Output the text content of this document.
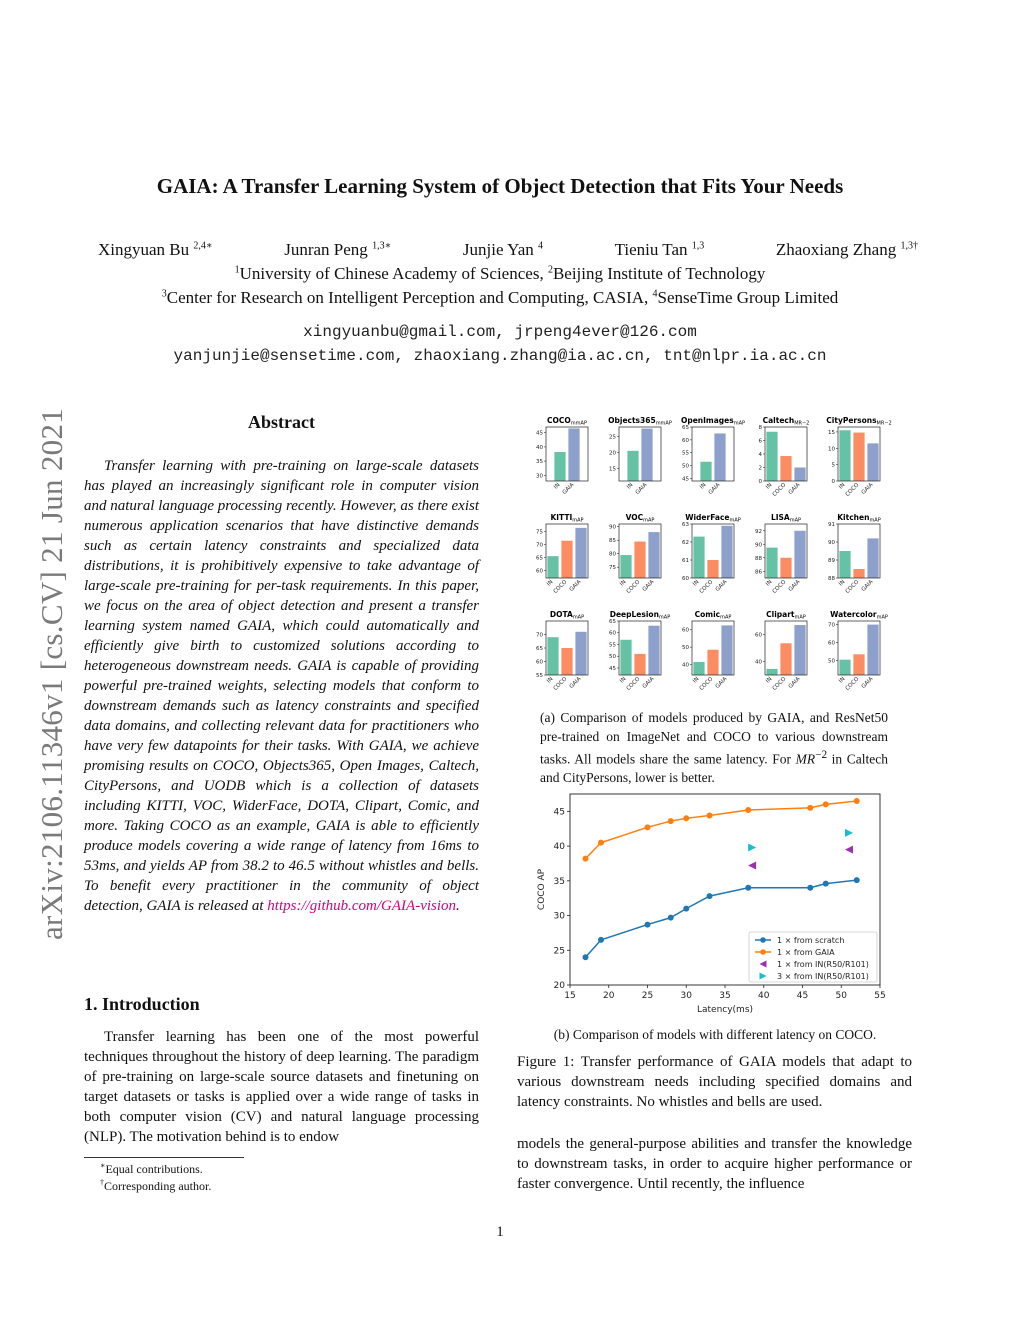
GAIA: A Transfer Learning System of Object Detection that Fits Your Needs
Xingyuan Bu $^{2,4∗}$	Junran Peng $^{1,3∗}$	Junjie Yan $^4$	Tieniu Tan $^{1,3}$	Zhaoxiang Zhang $^{1,3\dagger}$
$^1$University of Chinese Academy of Sciences, $^2$Beijing Institute of Technology
$^3$Center for Research on Intelligent Perception and Computing, CASIA, $^4$SenseTime Group Limited
xingyuanbu@gmail.com, jrpeng4ever@126.com
yanjunjie@sensetime.com, zhaoxiang.zhang@ia.ac.cn, tnt@nlpr.ia.ac.cn
arXiv:2106.11346v1 [cs.CV] 21 Jun 2021	Abstract

Transfer learning with pre-training on large-scale datasets has played an increasingly significant role in computer vision and natural language processing recently. However, as there exist numerous application scenarios that have distinctive demands such as certain latency constraints and specialized data distributions, it is prohibitively expensive to take advantage of large-scale pre-training for per-task requirements. In this paper, we focus on the area of object detection and present a transfer learning system named GAIA, which could automatically and efficiently give birth to customized solutions according to heterogeneous downstream needs. GAIA is capable of providing powerful pre-trained weights, selecting models that conform to downstream demands such as latency constraints and specified data domains, and collecting relevant data for practitioners who have very few datapoints for their tasks. With GAIA, we achieve promising results on COCO, Objects365, Open Images, Caltech, CityPersons, and UODB which is a collection of datasets including KITTI, VOC, WiderFace, DOTA, Clipart, Comic, and more. Taking COCO as an example, GAIA is able to efficiently produce models covering a wide range of latency from 16ms to 53ms, and yields AP from 38.2 to 46.5 without whistles and bells. To benefit every practitioner in the community of object detection, GAIA is released at https://github.com/GAIA-vision.

1. Introduction

Transfer learning has been one of the most powerful techniques throughout the history of deep learning. The paradigm of pre-training on large-scale source datasets and finetuning on target datasets or tasks is applied over a wide range of tasks in both computer vision (CV) and natural language processing (NLP). The motivation behind is to endow

∗Equal contributions.
†Corresponding author.
$COCO_{mmAP}$
30
35
40
45
IN GAIA
$Objects365_{mmAP}$
15
20
25
IN GAIA
OpenImages$_{mAP}$
45
50
55
60
65
IN GAIA
Caltech$_{MR-2}$
0
2
4
6
8
IN
COCO GAIA
CityPersons$_{MR-2}$
0
5
10
15
IN
COCO GAIA
$KITTI_{mAP}$
60
65
70
75
IN
COCO GAIA
$VOC_{mAP}$
75
80
85
90
IN
COCO GAIA
WiderFace$_{mAP}$
60
61
62
63
IN
COCO GAIA
$LISA_{mAP}$
86
88
90
92
IN
COCO GAIA
Kitchen$_{mAP}$
88
89
90
91
IN
COCO GAIA
$DOTA_{mAP}$
55
60
65
70
IN
COCO GAIA
DeepLesion$_{mAP}$
45
50
55
60
65
IN
COCO GAIA
Comic$_{mAP}$
40
50
60
IN
COCO GAIA
Clipart$_{mAP}$
40
60
IN
COCO GAIA
Watercolor$_{mAP}$
50
60
70
IN
COCO GAIA
(a) Comparison of models produced by GAIA, and ResNet50 pre-trained on ImageNet and COCO to various downstream tasks. All models share the same latency. For $MR^{-2}$ in Caltech and CityPersons, lower is better.
15	20	25	30	35	40	45	50	55
20
25
30
35
40
45
Latency(ms)
COCO AP
1 × from scratch
1 × from GAIA
1 × from IN(R50/R101)
3 × from IN(R50/R101)
(b) Comparison of models with different latency on COCO.
Figure 1: Transfer performance of GAIA models that adapt to various downstream needs including specified domains and latency constraints. No whistles and bells are used.
models the general-purpose abilities and transfer the knowledge to downstream tasks, in order to acquire higher performance or faster convergence. Until recently, the influence
1
